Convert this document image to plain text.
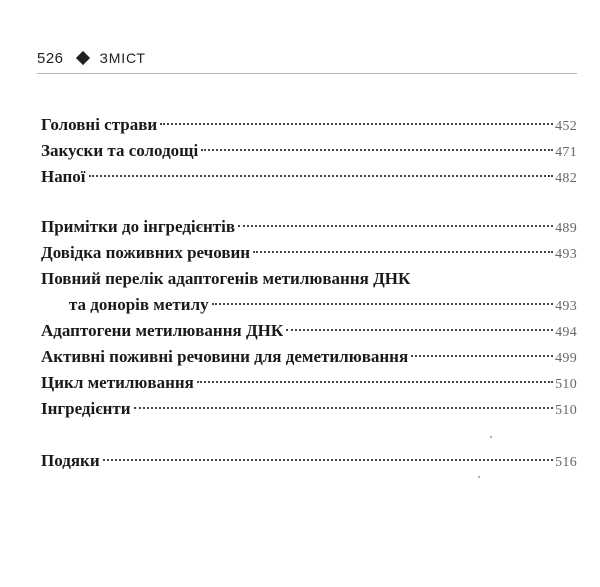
526	ЗМІСТ
Головні страви	452
Закуски та солодощі	471
Напої	482
Примітки до інгредієнтів	489
Довідка поживних речовин	493
Повний перелік адаптогенів метилювання ДНК
та донорів метилу	493
Адаптогени метилювання ДНК	494
Активні поживні речовини для деметилювання	499
Цикл метилювання	510
Інгредієнти	510
Подяки	516
